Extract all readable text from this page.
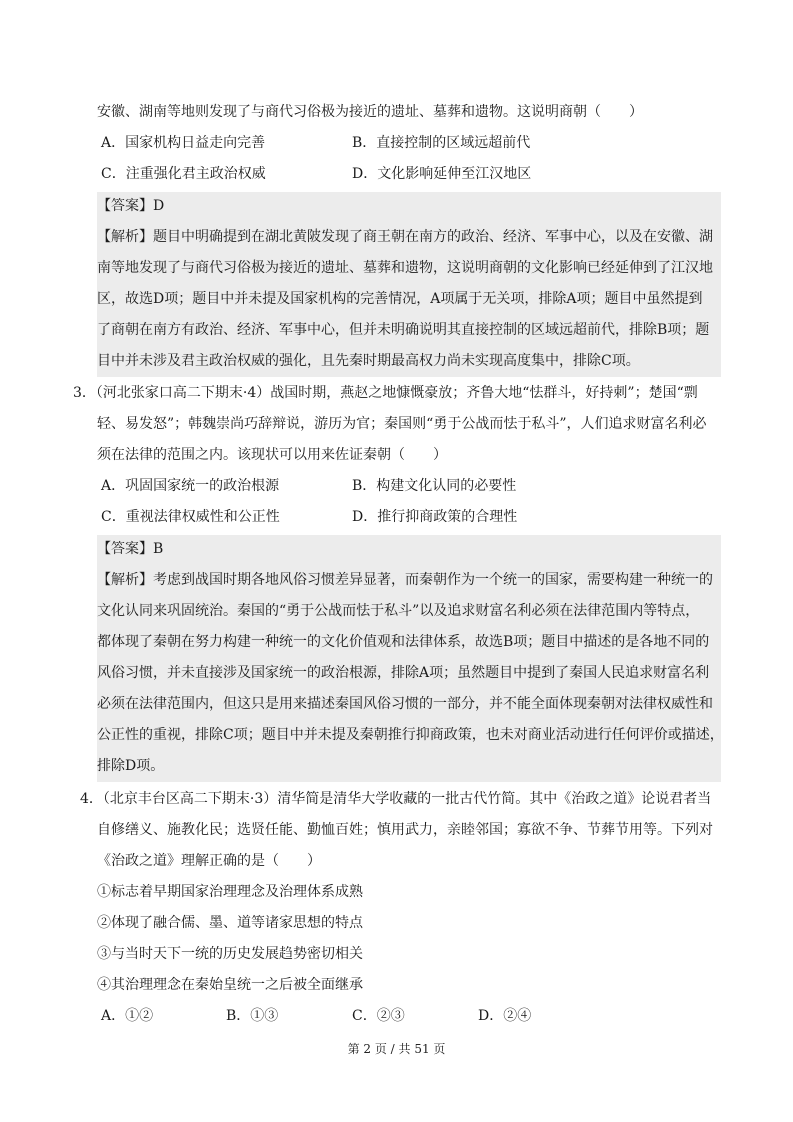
安徽、湖南等地则发现了与商代习俗极为接近的遗址、墓葬和遗物。这说明商朝（　　）
A．国家机构日益走向完善	B．直接控制的区域远超前代
C．注重强化君主政治权威	D．文化影响延伸至江汉地区
【答案】D
【解析】题目中明确提到在湖北黄陂发现了商王朝在南方的政治、经济、军事中心，以及在安徽、湖
南等地发现了与商代习俗极为接近的遗址、墓葬和遗物，这说明商朝的文化影响已经延伸到了江汉地
区，故选D项；题目中并未提及国家机构的完善情况，A项属于无关项，排除A项；题目中虽然提到
了商朝在南方有政治、经济、军事中心，但并未明确说明其直接控制的区域远超前代，排除B项；题
目中并未涉及君主政治权威的强化，且先秦时期最高权力尚未实现高度集中，排除C项。
3．（河北张家口高二下期末·4）战国时期，燕赵之地慷慨豪放；齐鲁大地“怯群斗，好持刺”；楚国“剽
轻、易发怒”；韩魏崇尚巧辞辩说，游历为官；秦国则“勇于公战而怯于私斗”，人们追求财富名利必
须在法律的范围之内。该现状可以用来佐证秦朝（　　）
A．巩固国家统一的政治根源	B．构建文化认同的必要性
C．重视法律权威性和公正性	D．推行抑商政策的合理性
【答案】B
【解析】考虑到战国时期各地风俗习惯差异显著，而秦朝作为一个统一的国家，需要构建一种统一的
文化认同来巩固统治。秦国的“勇于公战而怯于私斗”以及追求财富名利必须在法律范围内等特点，
都体现了秦朝在努力构建一种统一的文化价值观和法律体系，故选B项；题目中描述的是各地不同的
风俗习惯，并未直接涉及国家统一的政治根源，排除A项；虽然题目中提到了秦国人民追求财富名利
必须在法律范围内，但这只是用来描述秦国风俗习惯的一部分，并不能全面体现秦朝对法律权威性和
公正性的重视，排除C项；题目中并未提及秦朝推行抑商政策，也未对商业活动进行任何评价或描述，
排除D项。
4．（北京丰台区高二下期末·3）清华简是清华大学收藏的一批古代竹简。其中《治政之道》论说君者当
自修缮义、施教化民；选贤任能、勤恤百姓；慎用武力，亲睦邻国；寡欲不争、节葬节用等。下列对
《治政之道》理解正确的是（　　）
①标志着早期国家治理理念及治理体系成熟
②体现了融合儒、墨、道等诸家思想的特点
③与当时天下一统的历史发展趋势密切相关
④其治理理念在秦始皇统一之后被全面继承
A．①②	B．①③	C．②③	D．②④
第 2 页 / 共 51 页
